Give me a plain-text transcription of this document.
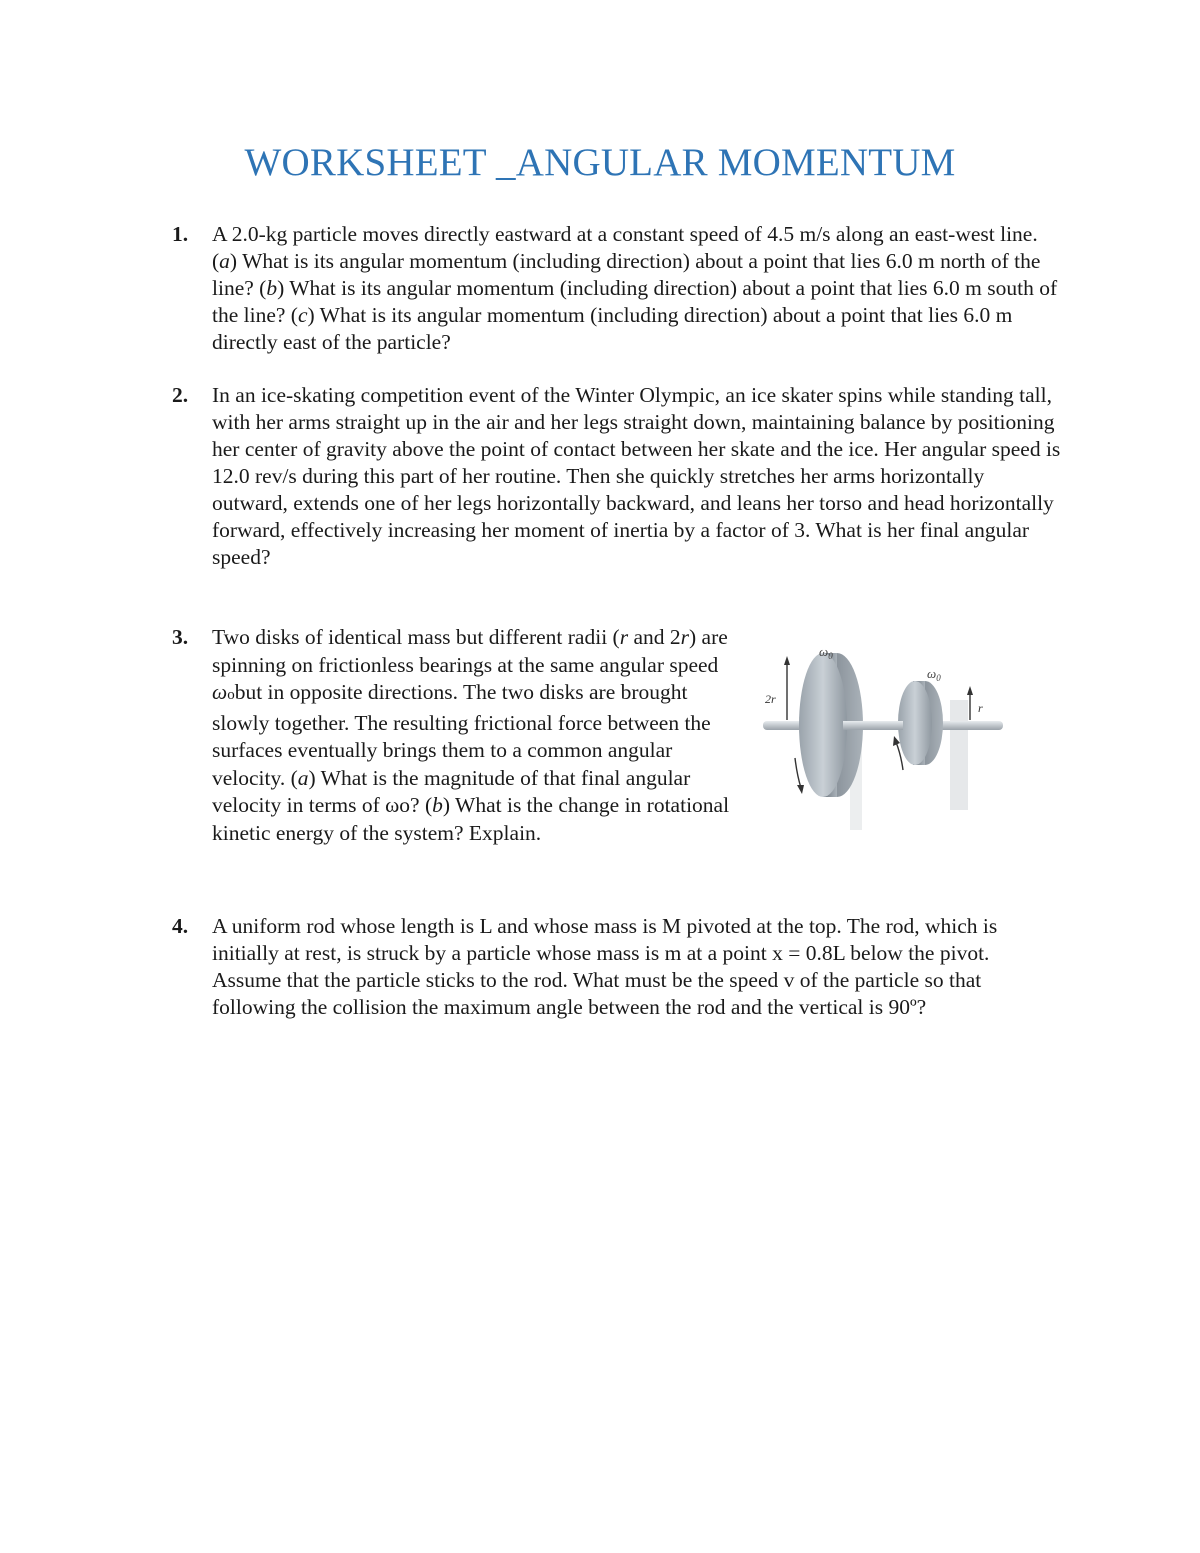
WORKSHEET _ANGULAR MOMENTUM
1. A 2.0-kg particle moves directly eastward at a constant speed of 4.5 m/s along an east-west line. (a) What is its angular momentum (including direction) about a point that lies 6.0 m north of the line? (b) What is its angular momentum (including direction) about a point that lies 6.0 m south of the line? (c) What is its angular momentum (including direction) about a point that lies 6.0 m directly east of the particle?
2. In an ice-skating competition event of the Winter Olympic, an ice skater spins while standing tall, with her arms straight up in the air and her legs straight down, maintaining balance by positioning her center of gravity above the point of contact between her skate and the ice. Her angular speed is 12.0 rev/s during this part of her routine. Then she quickly stretches her arms horizontally outward, extends one of her legs horizontally backward, and leans her torso and head horizontally forward, effectively increasing her moment of inertia by a factor of 3. What is her final angular speed?
3. Two disks of identical mass but different radii (r and 2r) are spinning on frictionless bearings at the same angular speed ωobut in opposite directions. The two disks are brought slowly together. The resulting frictional force between the surfaces eventually brings them to a common angular velocity. (a) What is the magnitude of that final angular velocity in terms of ωo? (b) What is the change in rotational kinetic energy of the system? Explain.
2r
r
$\omega_0$
$\omega_0$
4. A uniform rod whose length is L and whose mass is M pivoted at the top. The rod, which is initially at rest, is struck by a particle whose mass is m at a point x = 0.8L below the pivot. Assume that the particle sticks to the rod. What must be the speed v of the particle so that following the collision the maximum angle between the rod and the vertical is 90º?
